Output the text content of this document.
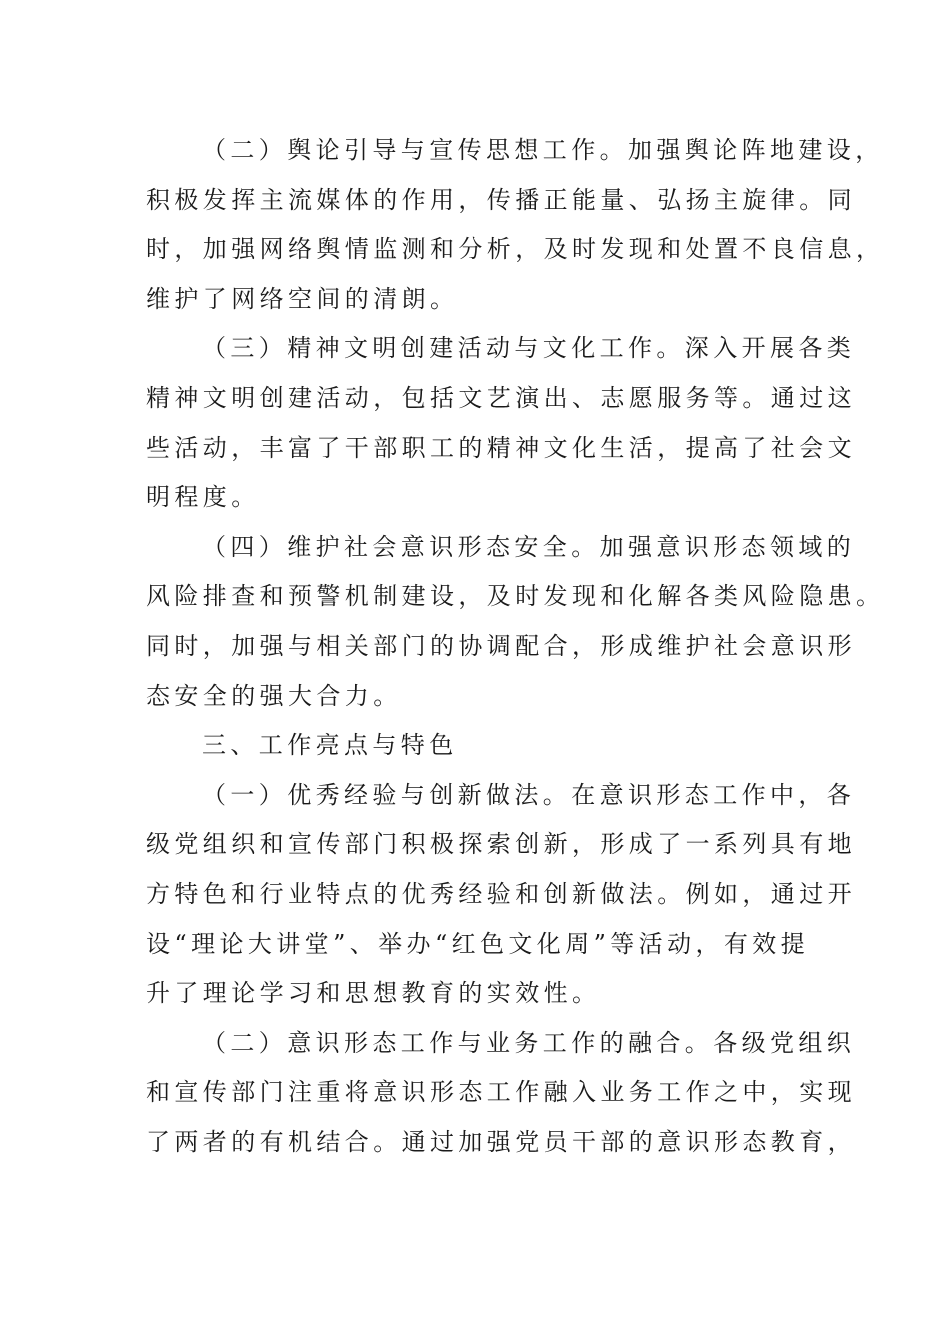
（二）舆论引导与宣传思想工作。加强舆论阵地建设，
积极发挥主流媒体的作用，传播正能量、弘扬主旋律。同
时，加强网络舆情监测和分析，及时发现和处置不良信息，
维护了网络空间的清朗。
（三）精神文明创建活动与文化工作。深入开展各类
精神文明创建活动，包括文艺演出、志愿服务等。通过这
些活动，丰富了干部职工的精神文化生活，提高了社会文
明程度。
（四）维护社会意识形态安全。加强意识形态领域的
风险排查和预警机制建设，及时发现和化解各类风险隐患。
同时，加强与相关部门的协调配合，形成维护社会意识形
态安全的强大合力。
三、工作亮点与特色
（一）优秀经验与创新做法。在意识形态工作中，各
级党组织和宣传部门积极探索创新，形成了一系列具有地
方特色和行业特点的优秀经验和创新做法。例如，通过开
设“理论大讲堂”、举办“红色文化周”等活动，有效提
升了理论学习和思想教育的实效性。
（二）意识形态工作与业务工作的融合。各级党组织
和宣传部门注重将意识形态工作融入业务工作之中，实现
了两者的有机结合。通过加强党员干部的意识形态教育，
